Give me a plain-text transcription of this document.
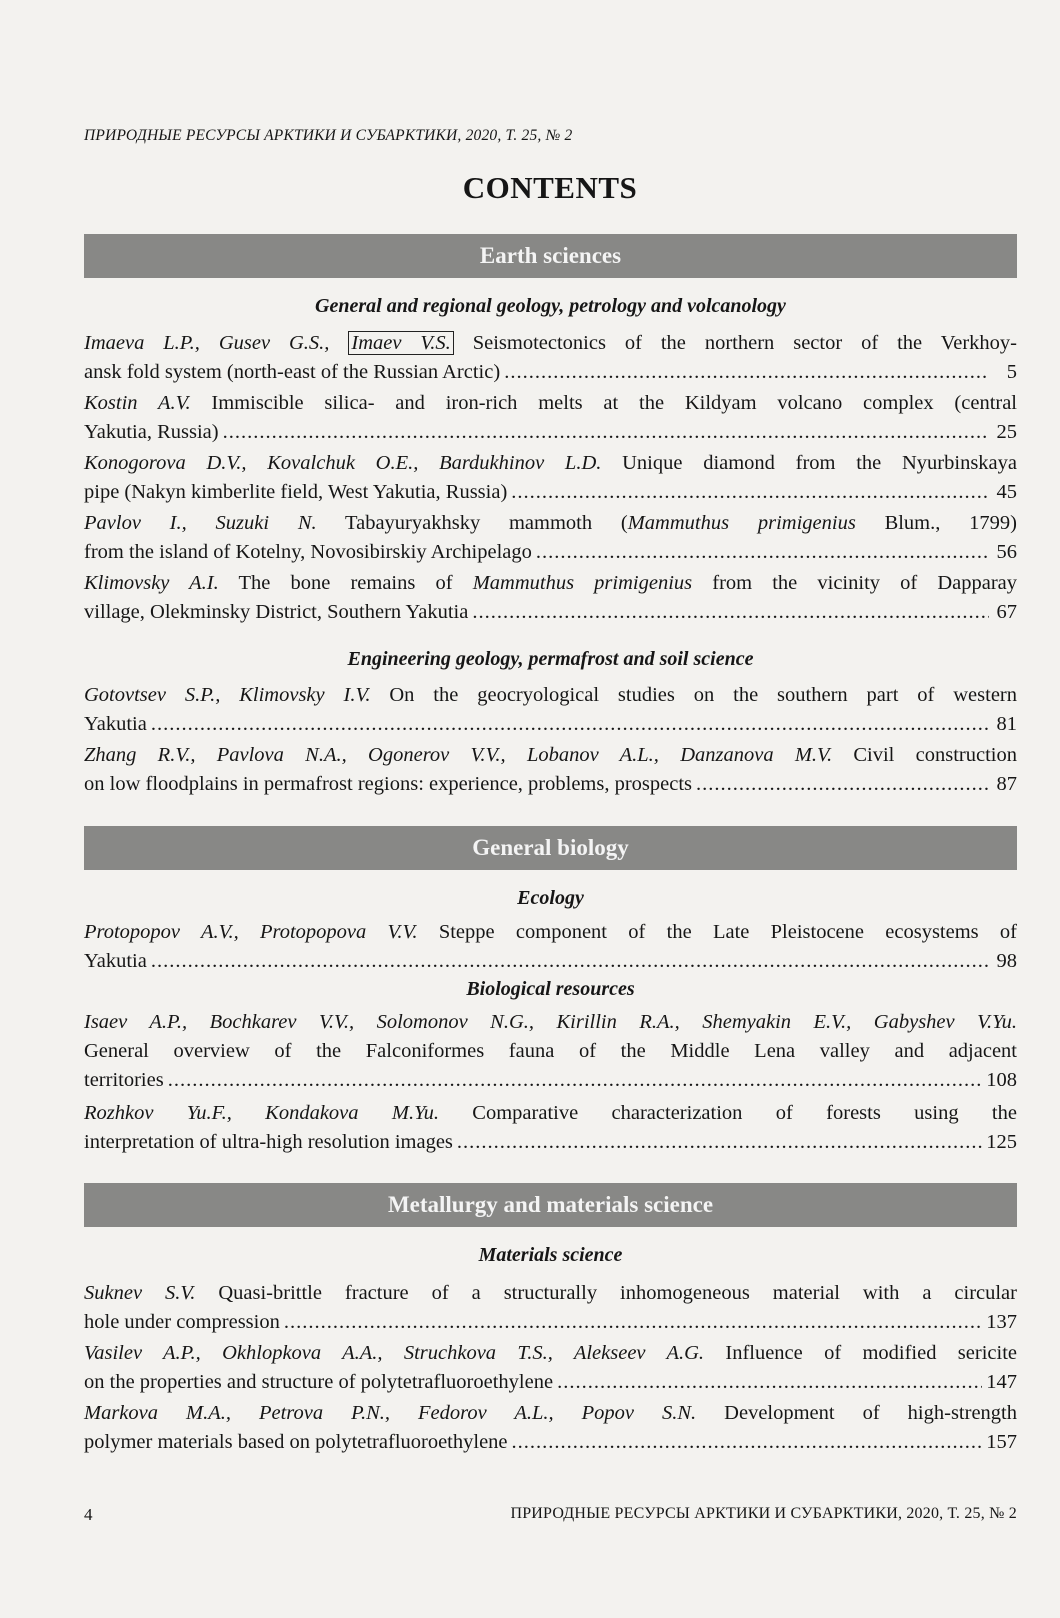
ПРИРОДНЫЕ РЕСУРСЫ АРКТИКИ И СУБАРКТИКИ, 2020, Т. 25, № 2
CONTENTS
Earth sciences
General and regional geology, petrology and volcanology
Imaeva L.P., Gusev G.S., Imaev V.S. Seismotectonics of the northern sector of the Verkhoy-
ansk fold system (north-east of the Russian Arctic) .....	5
Kostin A.V. Immiscible silica- and iron-rich melts at the Kildyam volcano complex (central
Yakutia, Russia) .....	25
Konogorova D.V., Kovalchuk O.E., Bardukhinov L.D. Unique diamond from the Nyurbinskaya
pipe (Nakyn kimberlite field, West Yakutia, Russia) .....	45
Pavlov I., Suzuki N. Tabayuryakhsky mammoth (Mammuthus primigenius Blum., 1799)
from the island of Kotelny, Novosibirskiy Archipelago .....	56
Klimovsky A.I. The bone remains of Mammuthus primigenius from the vicinity of Dapparay
village, Olekminsky District, Southern Yakutia .....	67
Engineering geology, permafrost and soil science
Gotovtsev S.P., Klimovsky I.V. On the geocryological studies on the southern part of western
Yakutia .....	81
Zhang R.V., Pavlova N.A., Ogonerov V.V., Lobanov A.L., Danzanova M.V. Civil construction
on low floodplains in permafrost regions: experience, problems, prospects .....	87
General biology
Ecology
Protopopov A.V., Protopopova V.V. Steppe component of the Late Pleistocene ecosystems of
Yakutia .....	98
Biological resources
Isaev A.P., Bochkarev V.V., Solomonov N.G., Kirillin R.A., Shemyakin E.V., Gabyshev V.Yu.
General overview of the Falconiformes fauna of the Middle Lena valley and adjacent
territories .....	108
Rozhkov Yu.F., Kondakova M.Yu. Comparative characterization of forests using the
interpretation of ultra-high resolution images .....	125
Metallurgy and materials science
Materials science
Suknev S.V. Quasi-brittle fracture of a structurally inhomogeneous material with a circular
hole under compression .....	137
Vasilev A.P., Okhlopkova A.A., Struchkova T.S., Alekseev A.G. Influence of modified sericite
on the properties and structure of polytetrafluoroethylene .....	147
Markova M.A., Petrova P.N., Fedorov A.L., Popov S.N. Development of high-strength
polymer materials based on polytetrafluoroethylene .....	157
4	ПРИРОДНЫЕ РЕСУРСЫ АРКТИКИ И СУБАРКТИКИ, 2020, Т. 25, № 2
